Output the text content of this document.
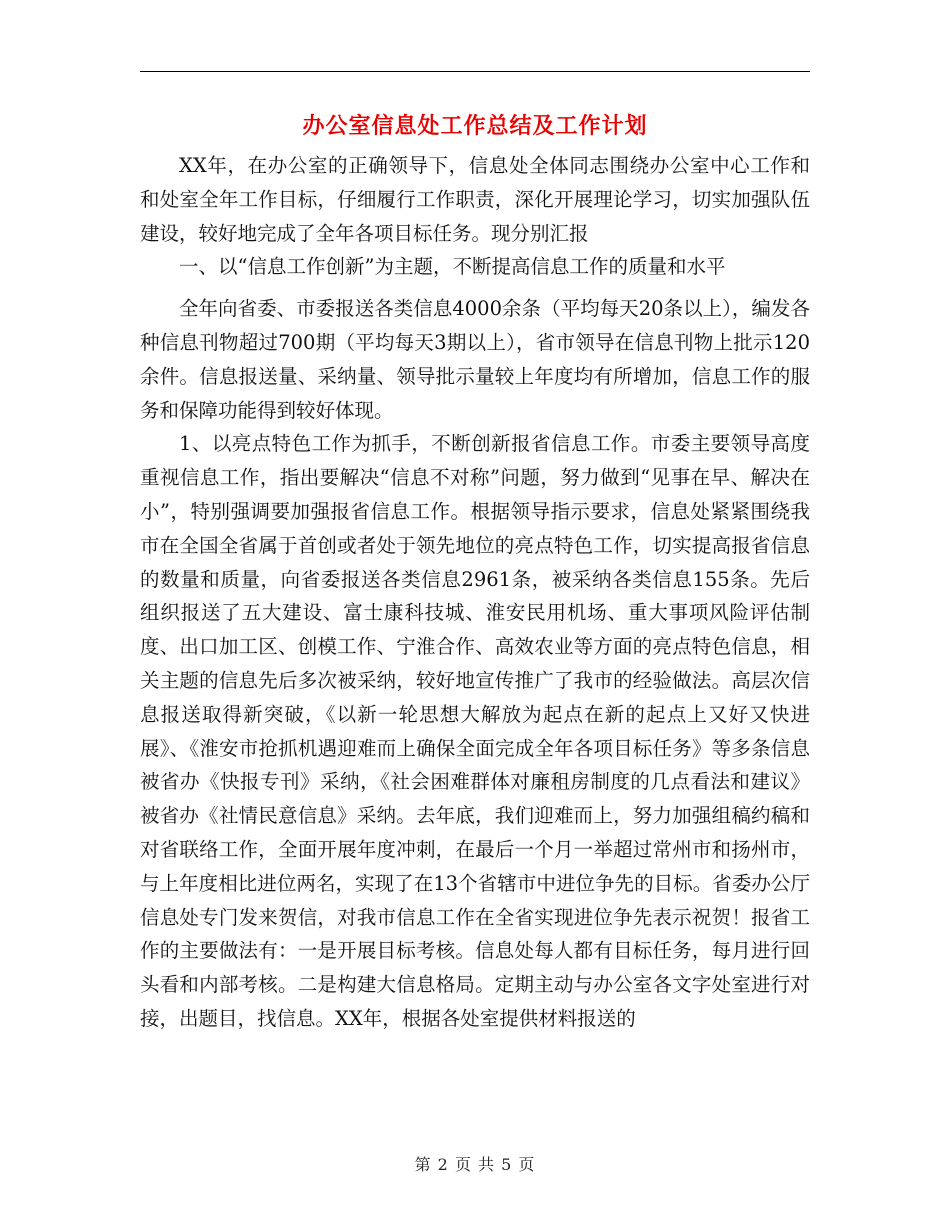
办公室信息处工作总结及工作计划

XX年，在办公室的正确领导下，信息处全体同志围绕办公室中心工作和和处室全年工作目标，仔细履行工作职责，深化开展理论学习，切实加强队伍建设，较好地完成了全年各项目标任务。现分别汇报

一、以“信息工作创新”为主题，不断提高信息工作的质量和水平

全年向省委、市委报送各类信息4000余条（平均每天20条以上），编发各种信息刊物超过700期（平均每天3期以上），省市领导在信息刊物上批示120余件。信息报送量、采纳量、领导批示量较上年度均有所增加，信息工作的服务和保障功能得到较好体现。

1、以亮点特色工作为抓手，不断创新报省信息工作。市委主要领导高度重视信息工作，指出要解决“信息不对称”问题，努力做到“见事在早、解决在小”，特别强调要加强报省信息工作。根据领导指示要求，信息处紧紧围绕我市在全国全省属于首创或者处于领先地位的亮点特色工作，切实提高报省信息的数量和质量，向省委报送各类信息2961条，被采纳各类信息155条。先后组织报送了五大建设、富士康科技城、淮安民用机场、重大事项风险评估制度、出口加工区、创模工作、宁淮合作、高效农业等方面的亮点特色信息，相关主题的信息先后多次被采纳，较好地宣传推广了我市的经验做法。高层次信息报送取得新突破，《以新一轮思想大解放为起点在新的起点上又好又快进展》、《淮安市抢抓机遇迎难而上确保全面完成全年各项目标任务》等多条信息被省办《快报专刊》采纳，《社会困难群体对廉租房制度的几点看法和建议》被省办《社情民意信息》采纳。去年底，我们迎难而上，努力加强组稿约稿和对省联络工作，全面开展年度冲刺，在最后一个月一举超过常州市和扬州市，与上年度相比进位两名，实现了在13个省辖市中进位争先的目标。省委办公厅信息处专门发来贺信，对我市信息工作在全省实现进位争先表示祝贺！报省工作的主要做法有：一是开展目标考核。信息处每人都有目标任务，每月进行回头看和内部考核。二是构建大信息格局。定期主动与办公室各文字处室进行对接，出题目，找信息。XX年，根据各处室提供材料报送的

第 2 页 共 5 页
